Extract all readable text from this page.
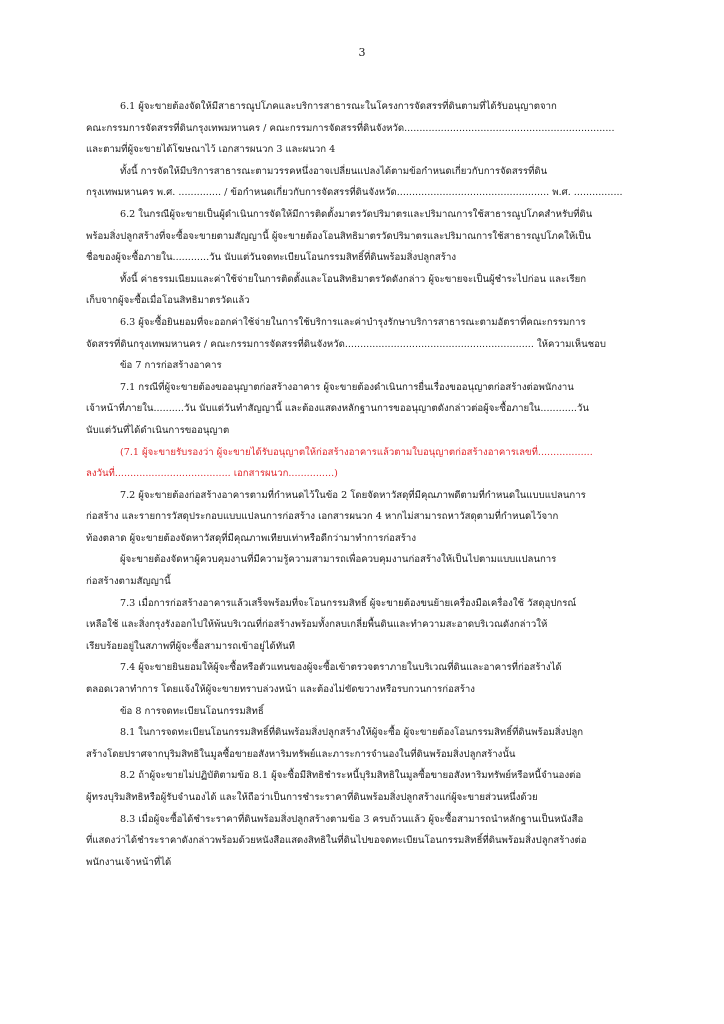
3
6.1 ผู้จะขายต้องจัดให้มีสาธารณูปโภคและบริการสาธารณะในโครงการจัดสรรที่ดินตามที่ได้รับอนุญาตจาก
คณะกรรมการจัดสรรที่ดินกรุงเทพมหานคร / คณะกรรมการจัดสรรที่ดินจังหวัด.....................................................................
และตามที่ผู้จะขายได้โฆษณาไว้ เอกสารผนวก 3 และผนวก 4
ทั้งนี้ การจัดให้มีบริการสาธารณะตามวรรคหนึ่งอาจเปลี่ยนแปลงได้ตามข้อกำหนดเกี่ยวกับการจัดสรรที่ดิน
กรุงเทพมหานคร พ.ศ. .............. / ข้อกำหนดเกี่ยวกับการจัดสรรที่ดินจังหวัด.................................................. พ.ศ. ................
6.2 ในกรณีผู้จะขายเป็นผู้ดำเนินการจัดให้มีการติดตั้งมาตรวัดปริมาตรและปริมาณการใช้สาธารณูปโภคสำหรับที่ดิน
พร้อมสิ่งปลูกสร้างที่จะซื้อจะขายตามสัญญานี้ ผู้จะขายต้องโอนสิทธิมาตรวัดปริมาตรและปริมาณการใช้สาธารณูปโภคให้เป็น
ชื่อของผู้จะซื้อภายใน............วัน นับแต่วันจดทะเบียนโอนกรรมสิทธิ์ที่ดินพร้อมสิ่งปลูกสร้าง
ทั้งนี้ ค่าธรรมเนียมและค่าใช้จ่ายในการติดตั้งและโอนสิทธิมาตรวัดดังกล่าว ผู้จะขายจะเป็นผู้ชำระไปก่อน และเรียก
เก็บจากผู้จะซื้อเมื่อโอนสิทธิมาตรวัดแล้ว
6.3 ผู้จะซื้อยินยอมที่จะออกค่าใช้จ่ายในการใช้บริการและค่าบำรุงรักษาบริการสาธารณะตามอัตราที่คณะกรรมการ
จัดสรรที่ดินกรุงเทพมหานคร / คณะกรรมการจัดสรรที่ดินจังหวัด.............................................................. ให้ความเห็นชอบ
ข้อ 7 การก่อสร้างอาคาร
7.1 กรณีที่ผู้จะขายต้องขออนุญาตก่อสร้างอาคาร ผู้จะขายต้องดำเนินการยื่นเรื่องขออนุญาตก่อสร้างต่อพนักงาน
เจ้าหน้าที่ภายใน..........วัน นับแต่วันทำสัญญานี้ และต้องแสดงหลักฐานการขออนุญาตดังกล่าวต่อผู้จะซื้อภายใน............วัน
นับแต่วันที่ได้ดำเนินการขออนุญาต
(7.1 ผู้จะขายรับรองว่า ผู้จะขายได้รับอนุญาตให้ก่อสร้างอาคารแล้วตามใบอนุญาตก่อสร้างอาคารเลขที่..................
ลงวันที่...................................... เอกสารผนวก...............)
7.2 ผู้จะขายต้องก่อสร้างอาคารตามที่กำหนดไว้ในข้อ 2 โดยจัดหาวัสดุที่มีคุณภาพดีตามที่กำหนดในแบบแปลนการ
ก่อสร้าง และรายการวัสดุประกอบแบบแปลนการก่อสร้าง เอกสารผนวก 4 หากไม่สามารถหาวัสดุตามที่กำหนดไว้จาก
ท้องตลาด ผู้จะขายต้องจัดหาวัสดุที่มีคุณภาพเทียบเท่าหรือดีกว่ามาทำการก่อสร้าง
ผู้จะขายต้องจัดหาผู้ควบคุมงานที่มีความรู้ความสามารถเพื่อควบคุมงานก่อสร้างให้เป็นไปตามแบบแปลนการ
ก่อสร้างตามสัญญานี้
7.3 เมื่อการก่อสร้างอาคารแล้วเสร็จพร้อมที่จะโอนกรรมสิทธิ์ ผู้จะขายต้องขนย้ายเครื่องมือเครื่องใช้ วัสดุอุปกรณ์
เหลือใช้ และสิ่งกรุงรังออกไปให้พ้นบริเวณที่ก่อสร้างพร้อมทั้งกลบเกลี่ยพื้นดินและทำความสะอาดบริเวณดังกล่าวให้
เรียบร้อยอยู่ในสภาพที่ผู้จะซื้อสามารถเข้าอยู่ได้ทันที
7.4 ผู้จะขายยินยอมให้ผู้จะซื้อหรือตัวแทนของผู้จะซื้อเข้าตรวจตราภายในบริเวณที่ดินและอาคารที่ก่อสร้างได้
ตลอดเวลาทำการ โดยแจ้งให้ผู้จะขายทราบล่วงหน้า และต้องไม่ขัดขวางหรือรบกวนการก่อสร้าง
ข้อ 8 การจดทะเบียนโอนกรรมสิทธิ์
8.1 ในการจดทะเบียนโอนกรรมสิทธิ์ที่ดินพร้อมสิ่งปลูกสร้างให้ผู้จะซื้อ ผู้จะขายต้องโอนกรรมสิทธิ์ที่ดินพร้อมสิ่งปลูก
สร้างโดยปราศจากบุริมสิทธิในมูลซื้อขายอสังหาริมทรัพย์และภาระการจำนองในที่ดินพร้อมสิ่งปลูกสร้างนั้น
8.2 ถ้าผู้จะขายไม่ปฏิบัติตามข้อ 8.1 ผู้จะซื้อมีสิทธิชำระหนี้บุริมสิทธิในมูลซื้อขายอสังหาริมทรัพย์หรือหนี้จำนองต่อ
ผู้ทรงบุริมสิทธิหรือผู้รับจำนองได้ และให้ถือว่าเป็นการชำระราคาที่ดินพร้อมสิ่งปลูกสร้างแก่ผู้จะขายส่วนหนึ่งด้วย
8.3 เมื่อผู้จะซื้อได้ชำระราคาที่ดินพร้อมสิ่งปลูกสร้างตามข้อ 3 ครบถ้วนแล้ว ผู้จะซื้อสามารถนำหลักฐานเป็นหนังสือ
ที่แสดงว่าได้ชำระราคาดังกล่าวพร้อมด้วยหนังสือแสดงสิทธิในที่ดินไปขอจดทะเบียนโอนกรรมสิทธิ์ที่ดินพร้อมสิ่งปลูกสร้างต่อ
พนักงานเจ้าหน้าที่ได้
